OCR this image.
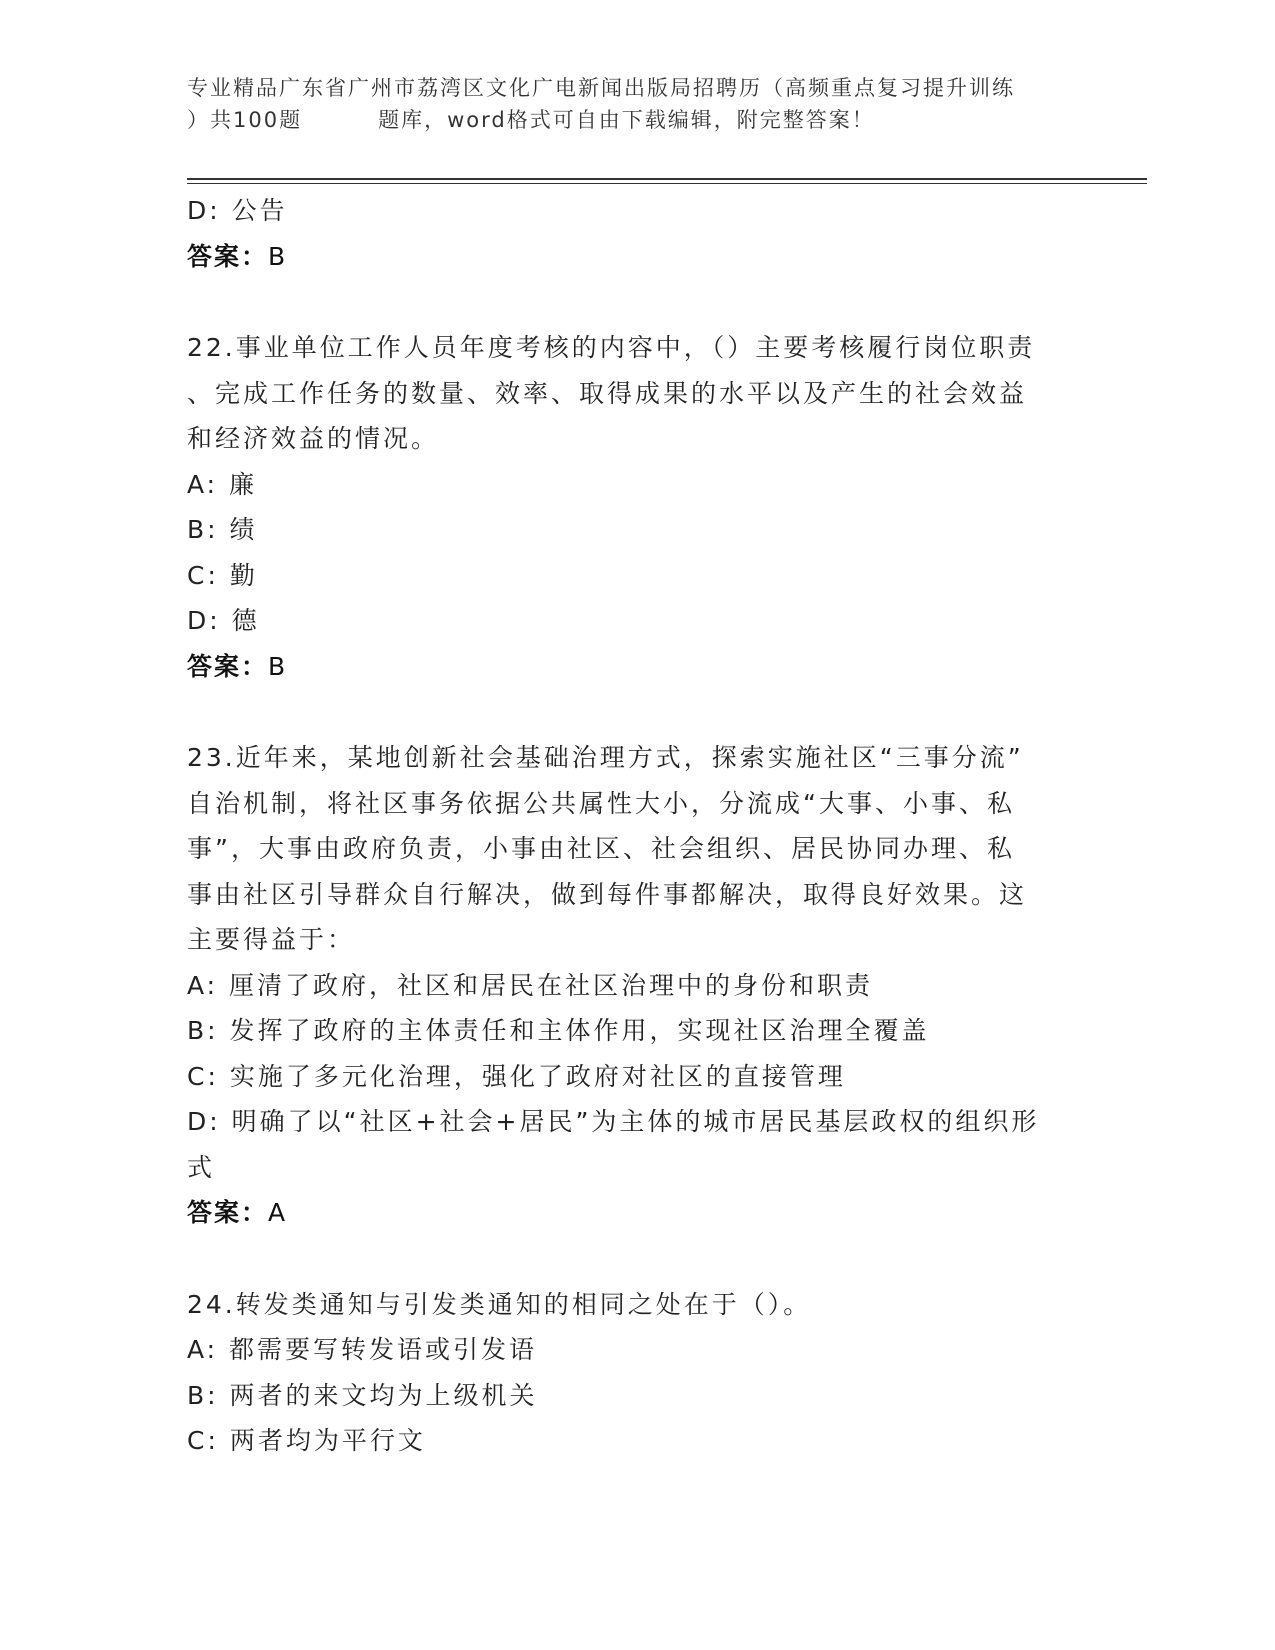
专业精品广东省广州市荔湾区文化广电新闻出版局招聘历（高频重点复习提升训练
）共100题	题库，word格式可自由下载编辑，附完整答案！
D: 公告
答案：B
22.事业单位工作人员年度考核的内容中，（）主要考核履行岗位职责
、完成工作任务的数量、效率、取得成果的水平以及产生的社会效益
和经济效益的情况。
A: 廉
B: 绩
C: 勤
D: 德
答案：B
23.近年来，某地创新社会基础治理方式，探索实施社区“三事分流”
自治机制，将社区事务依据公共属性大小，分流成“大事、小事、私
事”，大事由政府负责，小事由社区、社会组织、居民协同办理、私
事由社区引导群众自行解决，做到每件事都解决，取得良好效果。这
主要得益于：
A: 厘清了政府，社区和居民在社区治理中的身份和职责
B: 发挥了政府的主体责任和主体作用，实现社区治理全覆盖
C: 实施了多元化治理，强化了政府对社区的直接管理
D: 明确了以“社区+社会+居民”为主体的城市居民基层政权的组织形
式
答案：A
24.转发类通知与引发类通知的相同之处在于（）。
A: 都需要写转发语或引发语
B: 两者的来文均为上级机关
C: 两者均为平行文
